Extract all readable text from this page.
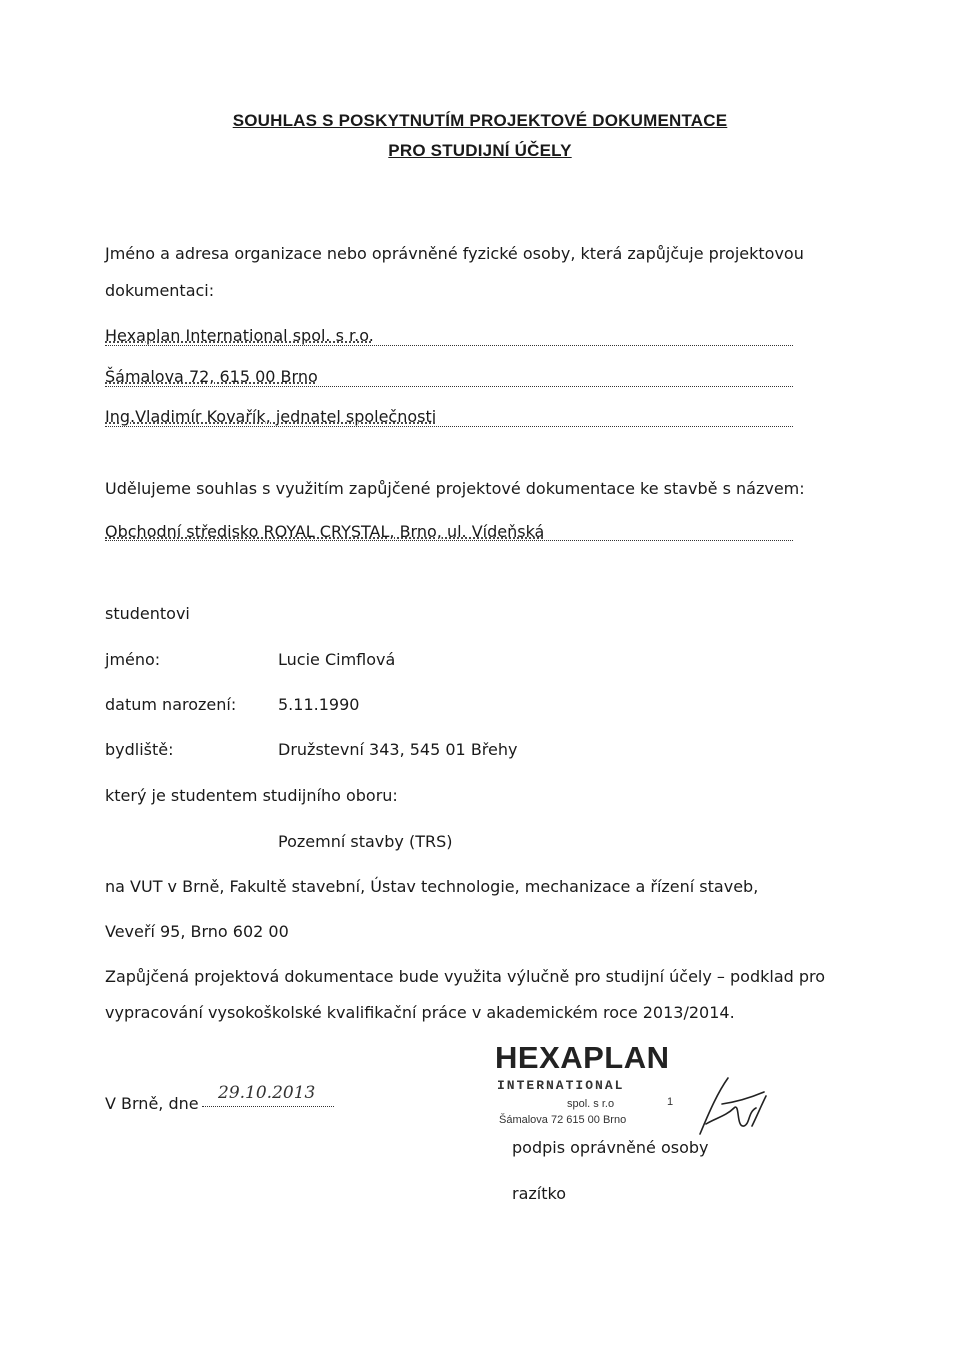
SOUHLAS S POSKYTNUTÍM PROJEKTOVÉ DOKUMENTACE
PRO STUDIJNÍ ÚČELY
Jméno a adresa organizace nebo oprávněné fyzické osoby, která zapůjčuje projektovou
dokumentaci:
Hexaplan International spol. s r.o.
Šámalova 72, 615 00 Brno
Ing.Vladimír Kovařík, jednatel společnosti
Udělujeme souhlas s využitím zapůjčené projektové dokumentace ke stavbě s názvem:
Obchodní středisko ROYAL CRYSTAL, Brno, ul. Vídeňská
studentovi
jméno:	Lucie Cimflová
datum narození:	5.11.1990
bydliště:	Družstevní 343, 545 01 Břehy
který je studentem studijního oboru:
Pozemní stavby (TRS)
na VUT v Brně, Fakultě stavební, Ústav technologie, mechanizace a řízení staveb,
Veveří 95, Brno 602 00
Zapůjčená projektová dokumentace bude využita výlučně pro studijní účely – podklad pro
vypracování vysokoškolské kvalifikační práce v akademickém roce 2013/2014.
V Brně, dne
29.10.2013
HEXAPLAN
INTERNATIONAL
spol. s r.o	1
Šámalova 72 615 00 Brno
podpis oprávněné osoby
razítko
